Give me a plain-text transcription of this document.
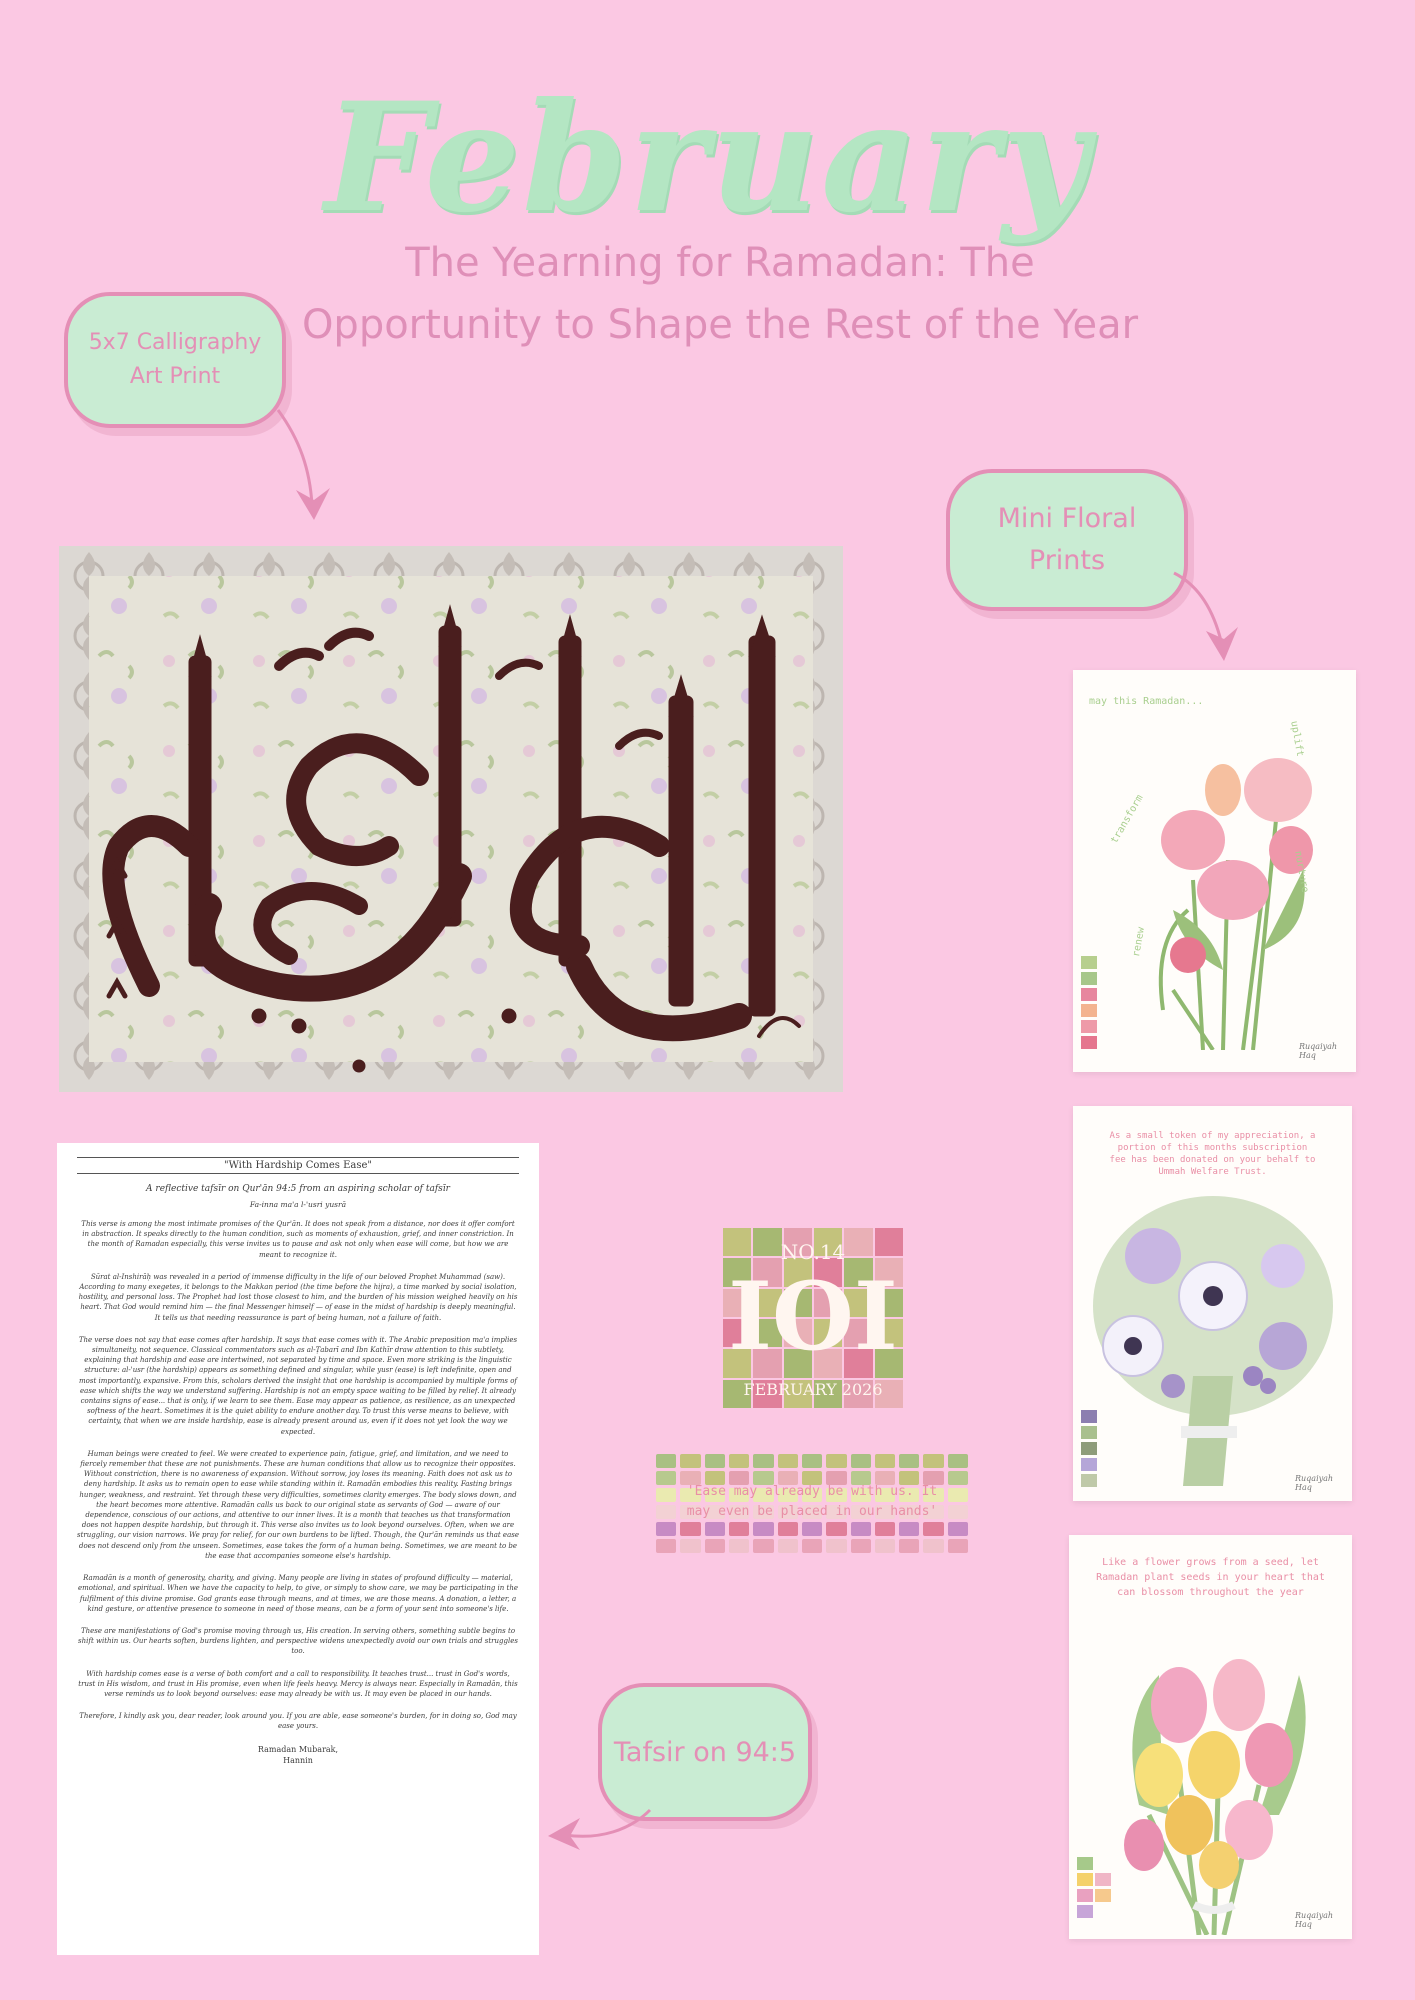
February
The Yearning for Ramadan: The
Opportunity to Shape the Rest of the Year
5x7 Calligraphy
Art Print
Mini Floral
Prints
may this Ramadan...
transform
uplift
nurture
renew
Ruqaiyah Haq
As a small token of my appreciation, a
portion of this months subscription
fee has been donated on your behalf to
Ummah Welfare Trust.
Ruqaiyah Haq
Like a flower grows from a seed, let
Ramadan plant seeds in your heart that
can blossom throughout the year
Ruqaiyah Haq
NO.14
IOI
FEBRUARY 2026
'Ease may already be with us. It
may even be placed in our hands'
Tafsir on 94:5
"With Hardship Comes Ease"
A reflective tafsīr on Qur'ān 94:5 from an aspiring scholar of tafsīr
Fa-inna ma'a l-'usri yusrā

This verse is among the most intimate promises of the Qur'ān. It does not speak from a distance, nor does it offer comfort in abstraction. It speaks directly to the human condition, such as moments of exhaustion, grief, and inner constriction. In the month of Ramadan especially, this verse invites us to pause and ask not only when ease will come, but how we are meant to recognize it.

Sūrat al-Inshirāḥ was revealed in a period of immense difficulty in the life of our beloved Prophet Muhammad (saw). According to many exegetes, it belongs to the Makkan period (the time before the hijra), a time marked by social isolation, hostility, and personal loss. The Prophet had lost those closest to him, and the burden of his mission weighed heavily on his heart. That God would remind him — the final Messenger himself — of ease in the midst of hardship is deeply meaningful. It tells us that needing reassurance is part of being human, not a failure of faith.

The verse does not say that ease comes after hardship. It says that ease comes with it. The Arabic preposition ma'a implies simultaneity, not sequence. Classical commentators such as al-Ṭabarī and Ibn Kathīr draw attention to this subtlety, explaining that hardship and ease are intertwined, not separated by time and space. Even more striking is the linguistic structure: al-'usr (the hardship) appears as something defined and singular, while yusr (ease) is left indefinite, open and most importantly, expansive. From this, scholars derived the insight that one hardship is accompanied by multiple forms of ease which shifts the way we understand suffering. Hardship is not an empty space waiting to be filled by relief. It already contains signs of ease... that is only, if we learn to see them. Ease may appear as patience, as resilience, as an unexpected softness of the heart. Sometimes it is the quiet ability to endure another day. To trust this verse means to believe, with certainty, that when we are inside hardship, ease is already present around us, even if it does not yet look the way we expected.

Human beings were created to feel. We were created to experience pain, fatigue, grief, and limitation, and we need to fiercely remember that these are not punishments. These are human conditions that allow us to recognize their opposites. Without constriction, there is no awareness of expansion. Without sorrow, joy loses its meaning. Faith does not ask us to deny hardship. It asks us to remain open to ease while standing within it. Ramadān embodies this reality. Fasting brings hunger, weakness, and restraint. Yet through these very difficulties, sometimes clarity emerges. The body slows down, and the heart becomes more attentive. Ramadān calls us back to our original state as servants of God — aware of our dependence, conscious of our actions, and attentive to our inner lives. It is a month that teaches us that transformation does not happen despite hardship, but through it. This verse also invites us to look beyond ourselves. Often, when we are struggling, our vision narrows. We pray for relief, for our own burdens to be lifted. Though, the Qur'ān reminds us that ease does not descend only from the unseen. Sometimes, ease takes the form of a human being. Sometimes, we are meant to be the ease that accompanies someone else's hardship.

Ramadān is a month of generosity, charity, and giving. Many people are living in states of profound difficulty — material, emotional, and spiritual. When we have the capacity to help, to give, or simply to show care, we may be participating in the fulfilment of this divine promise. God grants ease through means, and at times, we are those means. A donation, a letter, a kind gesture, or attentive presence to someone in need of those means, can be a form of your sent into someone's life.

These are manifestations of God's promise moving through us, His creation. In serving others, something subtle begins to shift within us. Our hearts soften, burdens lighten, and perspective widens unexpectedly avoid our own trials and struggles too.

With hardship comes ease is a verse of both comfort and a call to responsibility. It teaches trust... trust in God's words, trust in His wisdom, and trust in His promise, even when life feels heavy. Mercy is always near. Especially in Ramadān, this verse reminds us to look beyond ourselves: ease may already be with us. It may even be placed in our hands.

Therefore, I kindly ask you, dear reader, look around you. If you are able, ease someone's burden, for in doing so, God may ease yours.

Ramadan Mubarak,
Hannin
